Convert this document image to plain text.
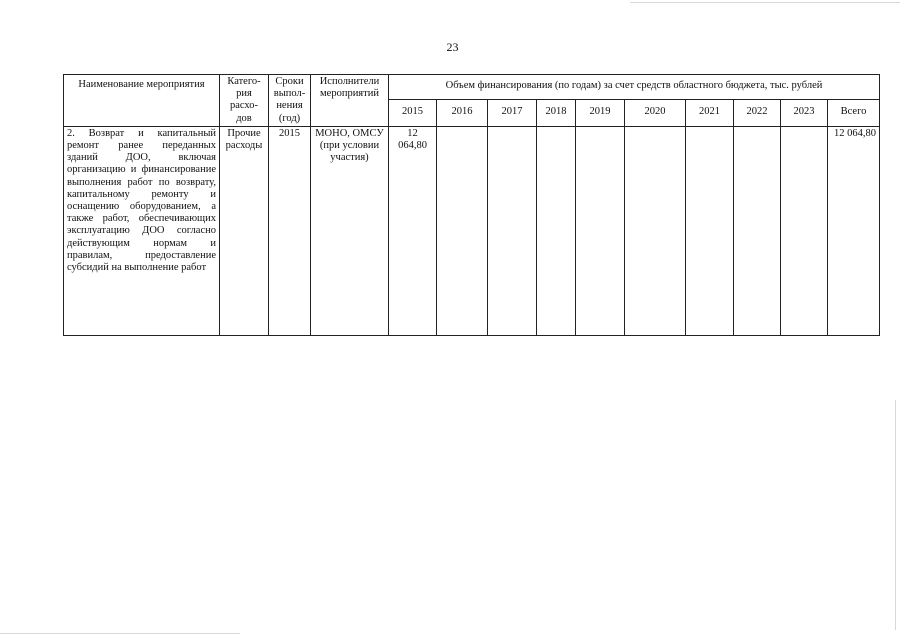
23
Наименование мероприятия	Катего-
рия
расхо-
дов	Сроки
выпол-
нения
(год)	Исполнители
мероприятий	Объем финансирования (по годам) за счет средств областного бюджета, тыс. рублей									
				2015	2016	2017	2018	2019	2020	2021	2022	2023	Всего
2. Возврат и капитальный ремонт ранее переданных зданий ДОО, включая организацию и финансирование выполнения работ по возврату, капитальному ремонту и оснащению оборудованием, а также работ, обеспечивающих эксплуатацию ДОО согласно действующим нормам и правилам, предоставление субсидий на выполнение работ	Прочие расходы	2015	МОНО, ОМСУ (при условии участия)	12 064,80									12 064,80
